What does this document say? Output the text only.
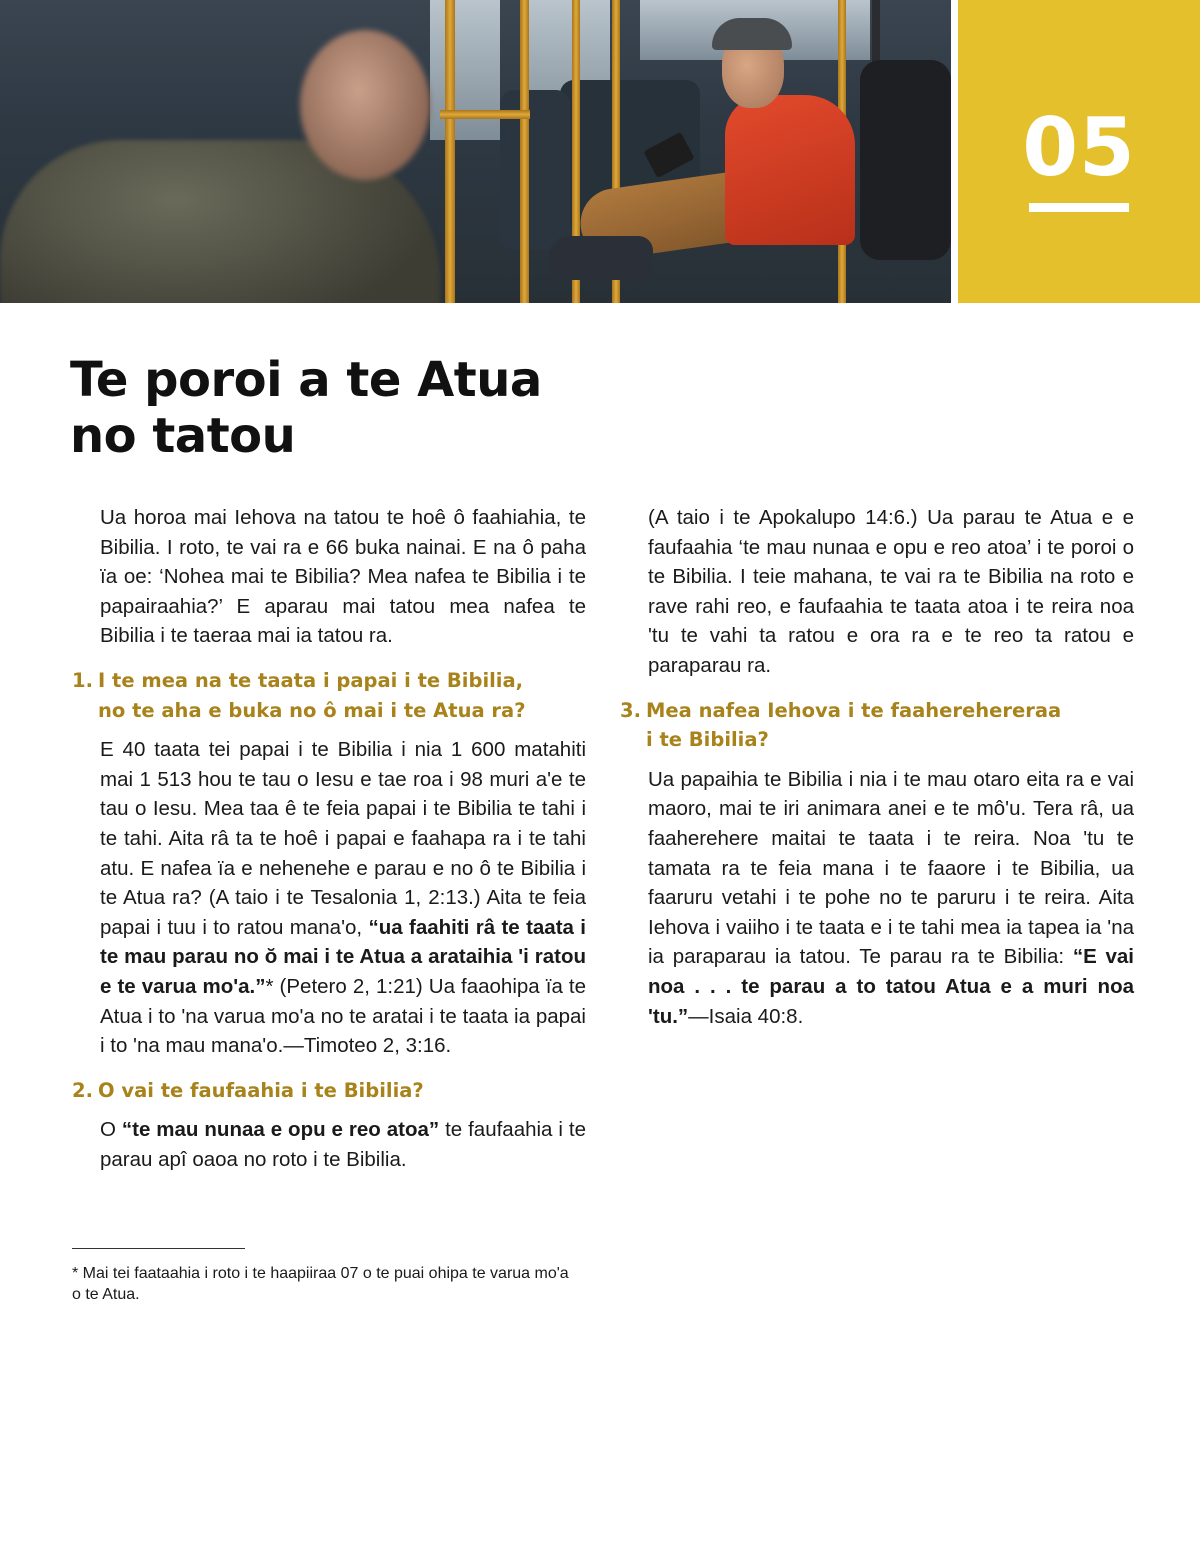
05
Te poroi a te Atua
no tatou

Ua horoa mai Iehova na tatou te hoê ô faahiahia, te Bibilia. I roto, te vai ra e 66 buka nainai. E na ô paha ïa oe: ‘Nohea mai te Bibilia? Mea nafea te Bibilia i te papairaahia?’ E aparau mai tatou mea nafea te Bibilia i te taeraa mai ia tatou ra.

1. I te mea na te taata i papai i te Bibilia,
no te aha e buka no ô mai i te Atua ra?

E 40 taata tei papai i te Bibilia i nia 1 600 matahiti mai 1 513 hou te tau o Iesu e tae roa i 98 muri a'e te tau o Iesu. Mea taa ê te feia papai i te Bibilia te tahi i te tahi. Aita râ ta te hoê i papai e faahapa ra i te tahi atu. E nafea ïa e nehenehe e parau e no ô te Bibilia i te Atua ra? (A taio i te Tesalonia 1, 2:13.) Aita te feia papai i tuu i to ratou mana'o, “ua faahiti râ te taata i te mau parau no ŏ mai i te Atua a arataihia 'i ratou e te varua mo'a.”* (Petero 2, 1:21) Ua faaohipa ïa te Atua i to 'na varua mo'a no te aratai i te taata ia papai i to 'na mau mana'o.—Timoteo 2, 3:16.

2. O vai te faufaahia i te Bibilia?

O “te mau nunaa e opu e reo atoa” te faufaahia i te parau apî oaoa no roto i te Bibilia.

* Mai tei faataahia i roto i te haapiiraa 07 o te puai ohipa te varua mo'a o te Atua.

(A taio i te Apokalupo 14:6.) Ua parau te Atua e e faufaahia ‘te mau nunaa e opu e reo atoa’ i te poroi o te Bibilia. I teie mahana, te vai ra te Bibilia na roto e rave rahi reo, e faufaahia te taata atoa i te reira noa 'tu te vahi ta ratou e ora ra e te reo ta ratou e paraparau ra.

3. Mea nafea Iehova i te faaherehereraa
i te Bibilia?

Ua papaihia te Bibilia i nia i te mau otaro eita ra e vai maoro, mai te iri animara anei e te mô'u. Tera râ, ua faaherehere maitai te taata i te reira. Noa 'tu te tamata ra te feia mana i te faaore i te Bibilia, ua faaruru vetahi i te pohe no te paruru i te reira. Aita Iehova i vaiiho i te taata e i te tahi mea ia tapea ia 'na ia paraparau ia tatou. Te parau ra te Bibilia: “E vai noa . . . te parau a to tatou Atua e a muri noa 'tu.”—Isaia 40:8.
